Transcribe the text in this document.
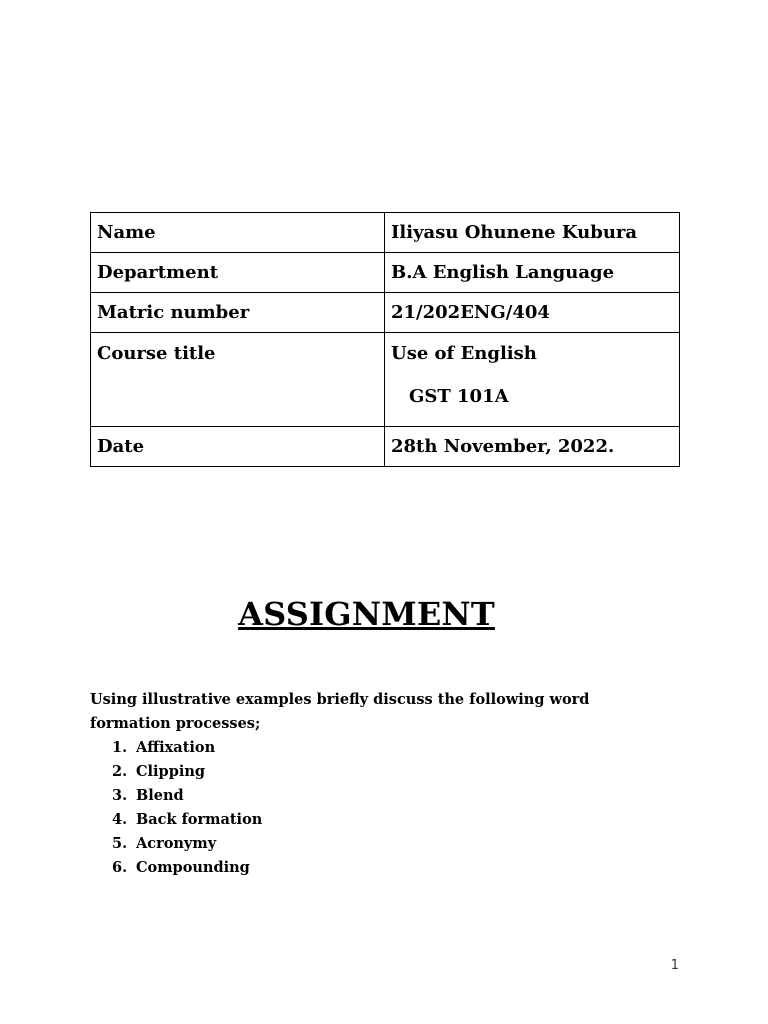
Name	Iliyasu Ohunene Kubura
Department	B.A English Language
Matric number	21/202ENG/404
Course title	Use of English
GST 101A

Date	28th November, 2022.
ASSIGNMENT

Using illustrative examples briefly discuss the following word formation processes;

1. Affixation
2. Clipping
3. Blend
4. Back formation
5. Acronymy
6. Compounding
1
